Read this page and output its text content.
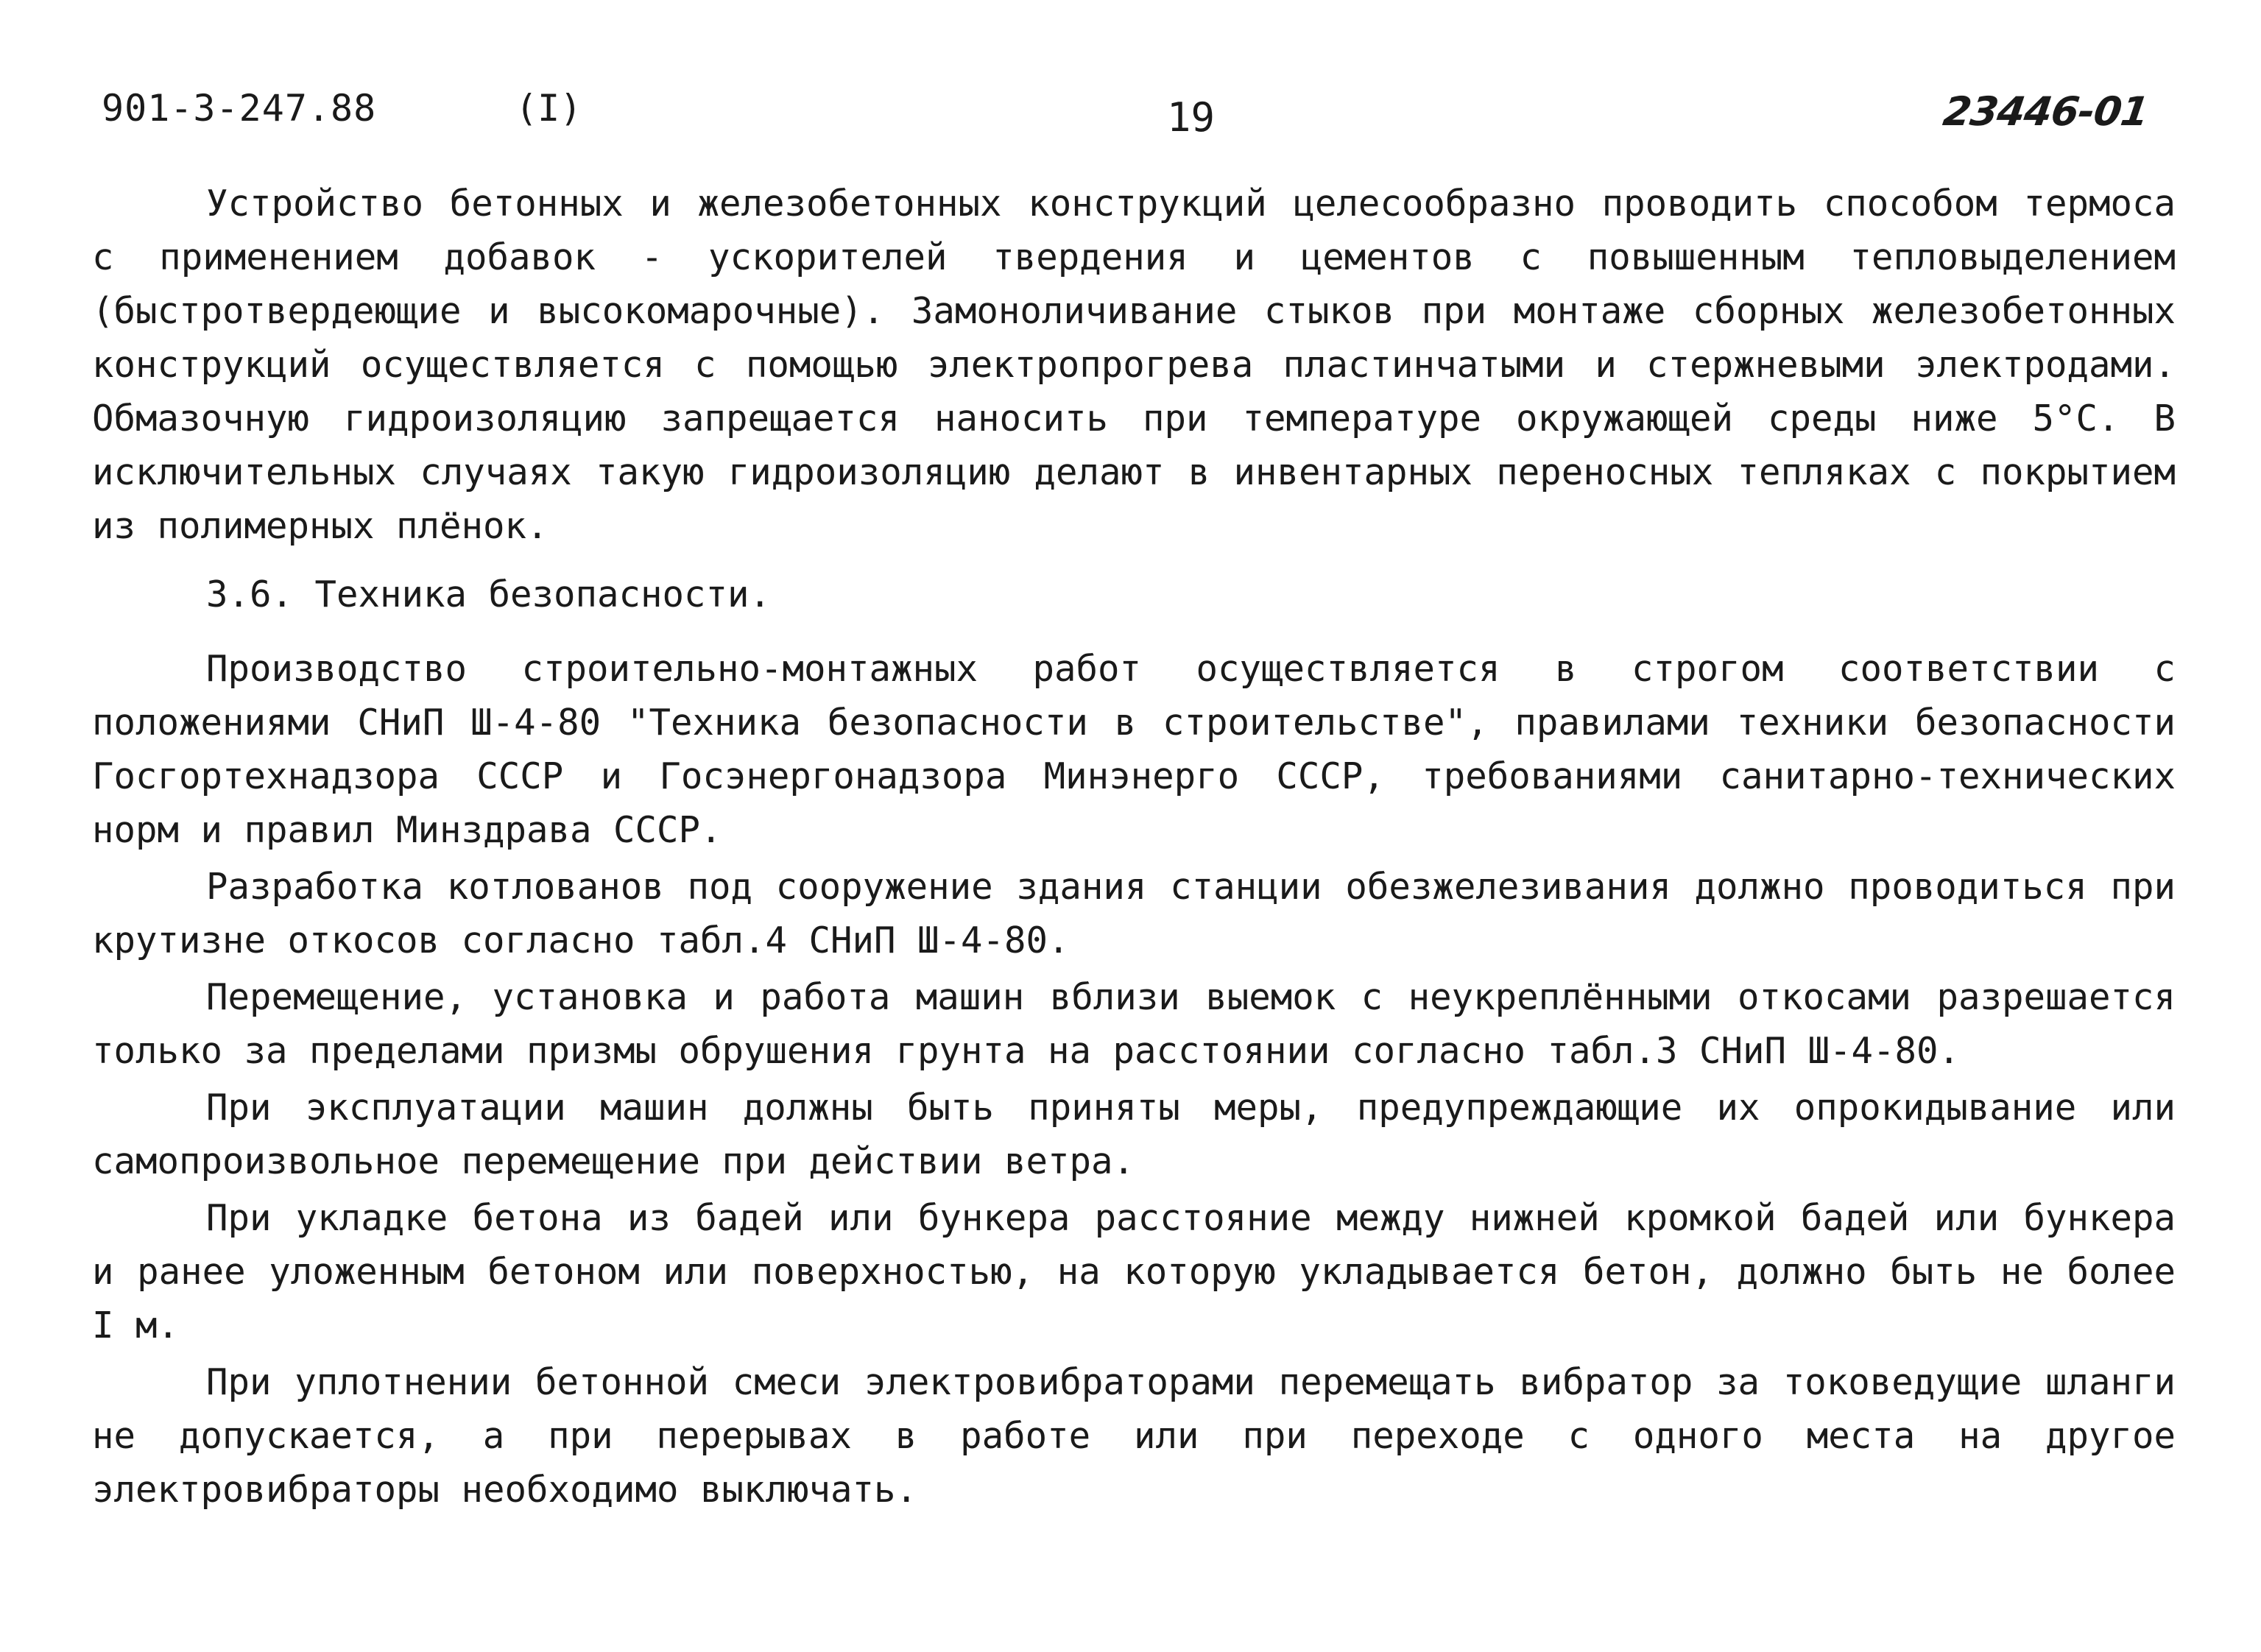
901-3-247.88	(I)	19	23446-01

Устройство бетонных и железобетонных конструкций целесообразно проводить способом термоса с применением добавок - ускорителей твердения и цементов с повышенным тепловыделением (быстротвердеющие и высокомарочные). Замоноличивание стыков при монтаже сборных железобетонных конструкций осуществляется с помощью электропрогрева пластинчатыми и стержневыми электродами. Обмазочную гидроизоляцию запрещается наносить при температуре окружающей среды ниже 5°С. В исключительных случаях такую гидроизоляцию делают в инвентарных переносных тепляках с покрытием из полимерных плёнок.

3.6. Техника безопасности.

Производство строительно-монтажных работ осуществляется в строгом соответствии с положениями СНиП Ш-4-80 "Техника безопасности в строительстве", правилами техники безопасности Госгортехнадзора СССР и Госэнергонадзора Минэнерго СССР, требованиями санитарно-технических норм и правил Минздрава СССР.

Разработка котлованов под сооружение здания станции обезжелезивания должно проводиться при крутизне откосов согласно табл.4 СНиП Ш-4-80.

Перемещение, установка и работа машин вблизи выемок с неукреплёнными откосами разрешается только за пределами призмы обрушения грунта на расстоянии согласно табл.3 СНиП Ш-4-80.

При эксплуатации машин должны быть приняты меры, предупреждающие их опрокидывание или самопроизвольное перемещение при действии ветра.

При укладке бетона из бадей или бункера расстояние между нижней кромкой бадей или бункера и ранее уложенным бетоном или поверхностью, на которую укладывается бетон, должно быть не более I м.

При уплотнении бетонной смеси электровибраторами перемещать вибратор за токоведущие шланги не допускается, а при перерывах в работе или при переходе с одного места на другое электровибраторы необходимо выключать.
